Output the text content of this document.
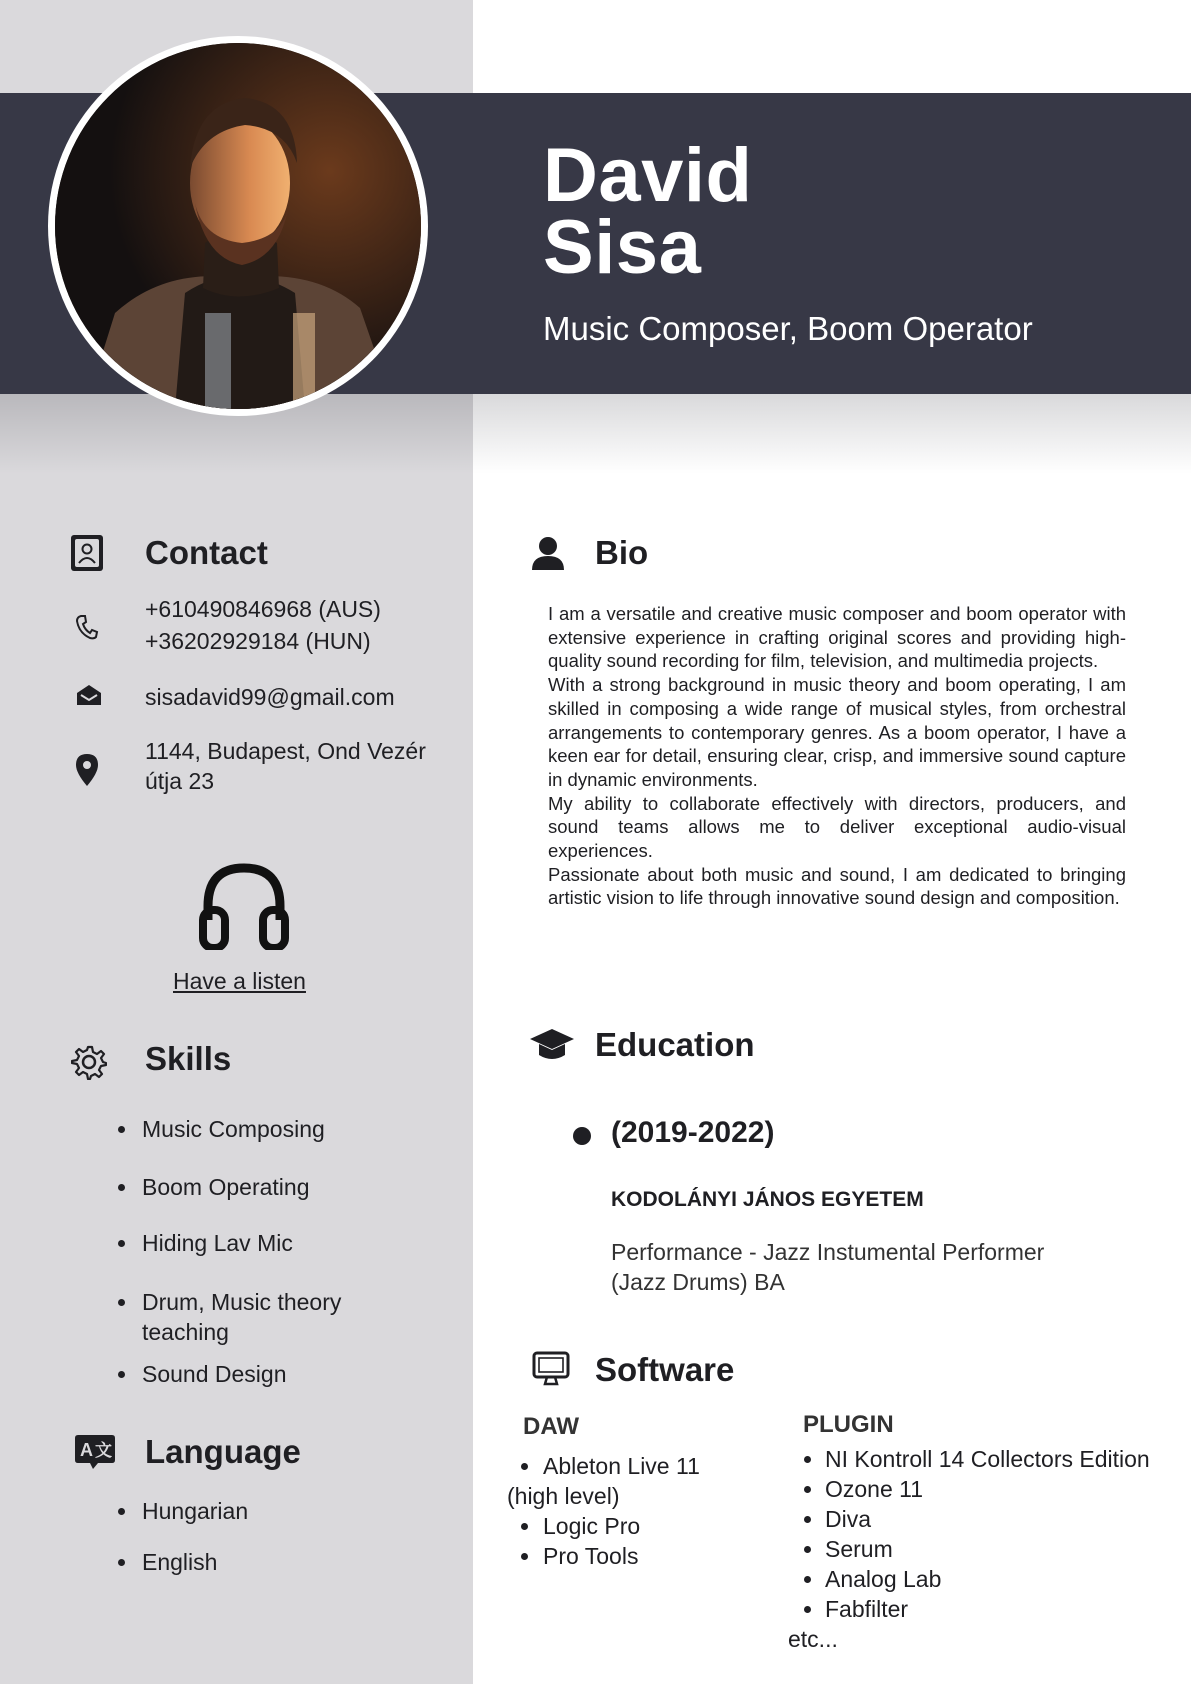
David
Sisa
Music Composer, Boom Operator
Contact
+610490846968 (AUS)
+36202929184 (HUN)
sisadavid99@gmail.com
1144, Budapest, Ond Vezér
útja 23
Have a listen
Skills
Music Composing
Boom Operating
Hiding Lav Mic
Drum, Music theory
teaching
Sound Design
A 文 Language
Hungarian
English
Bio

I am a versatile and creative music composer and boom operator with extensive experience in crafting original scores and providing high-quality sound recording for film, television, and multimedia projects.

With a strong background in music theory and boom operating, I am skilled in composing a wide range of musical styles, from orchestral arrangements to contemporary genres. As a boom operator, I have a keen ear for detail, ensuring clear, crisp, and immersive sound capture in dynamic environments.

My ability to collaborate effectively with directors, producers, and sound teams allows me to deliver exceptional audio-visual experiences.

Passionate about both music and sound, I am dedicated to bringing artistic vision to life through innovative sound design and composition.

Education
(2019-2022)
KODOLÁNYI JÁNOS EGYETEM
Performance - Jazz Instumental Performer
(Jazz Drums) BA
Software
DAW
Ableton Live 11
(high level)
Logic Pro
Pro Tools
PLUGIN
NI Kontroll 14 Collectors Edition
Ozone 11
Diva
Serum
Analog Lab
Fabfilter
etc...
